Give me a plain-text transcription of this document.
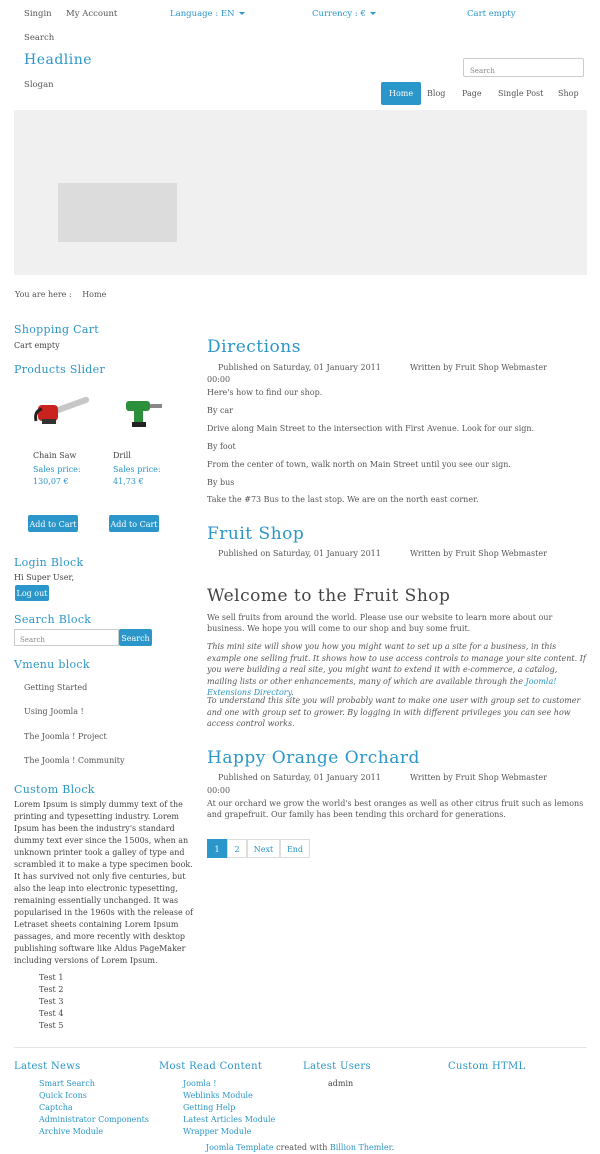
Singin My Account	Language : EN	Currency : €	Cart empty
Search
Headline
Slogan
Search
Home	Blog Page Single Post Shop
You are here : Home
Shopping Cart
Cart empty
Products Slider
Chain Saw
Sales price:
130,07 €
Add to Cart
Drill
Sales price:
41,73 €
Add to Cart
Login Block
Hi Super User,
Log out
Search Block
Search	Search
Vmenu block
Getting Started
Using Joomla !
The Joomla ! Project
The Joomla ! Community
Custom Block
Lorem Ipsum is simply dummy text of the printing and typesetting industry. Lorem Ipsum has been the industry's standard dummy text ever since the 1500s, when an unknown printer took a galley of type and scrambled it to make a type specimen book. It has survived not only five centuries, but also the leap into electronic typesetting, remaining essentially unchanged. It was popularised in the 1960s with the release of Letraset sheets containing Lorem Ipsum passages, and more recently with desktop publishing software like Aldus PageMaker including versions of Lorem Ipsum.
Test 1
Test 2
Test 3
Test 4
Test 5
Directions
Published on Saturday, 01 January 2011	Written by Fruit Shop Webmaster
00:00
Here's how to find our shop.
By car
Drive along Main Street to the intersection with First Avenue. Look for our sign.
By foot
From the center of town, walk north on Main Street until you see our sign.
By bus
Take the #73 Bus to the last stop. We are on the north east corner.
Fruit Shop
Published on Saturday, 01 January 2011	Written by Fruit Shop Webmaster
Welcome to the Fruit Shop
We sell fruits from around the world. Please use our website to learn more about our business. We hope you will come to our shop and buy some fruit.
This mini site will show you how you might want to set up a site for a business, in this example one selling fruit. It shows how to use access controls to manage your site content. If you were building a real site, you might want to extend it with e-commerce, a catalog, mailing lists or other enhancements, many of which are available through the Joomla! Extensions Directory.
To understand this site you will probably want to make one user with group set to customer and one with group set to grower. By logging in with different privileges you can see how access control works.
Happy Orange Orchard
Published on Saturday, 01 January 2011	Written by Fruit Shop Webmaster
00:00
At our orchard we grow the world's best oranges as well as other citrus fruit such as lemons and grapefruit. Our family has been tending this orchard for generations.
1	2	Next	End
Latest News
Smart Search
Quick Icons
Captcha
Administrator Components
Archive Module
Most Read Content
Joomla !
Weblinks Module
Getting Help
Latest Articles Module
Wrapper Module
Latest Users
admin
Custom HTML
Joomla Template created with Billion Themler.
